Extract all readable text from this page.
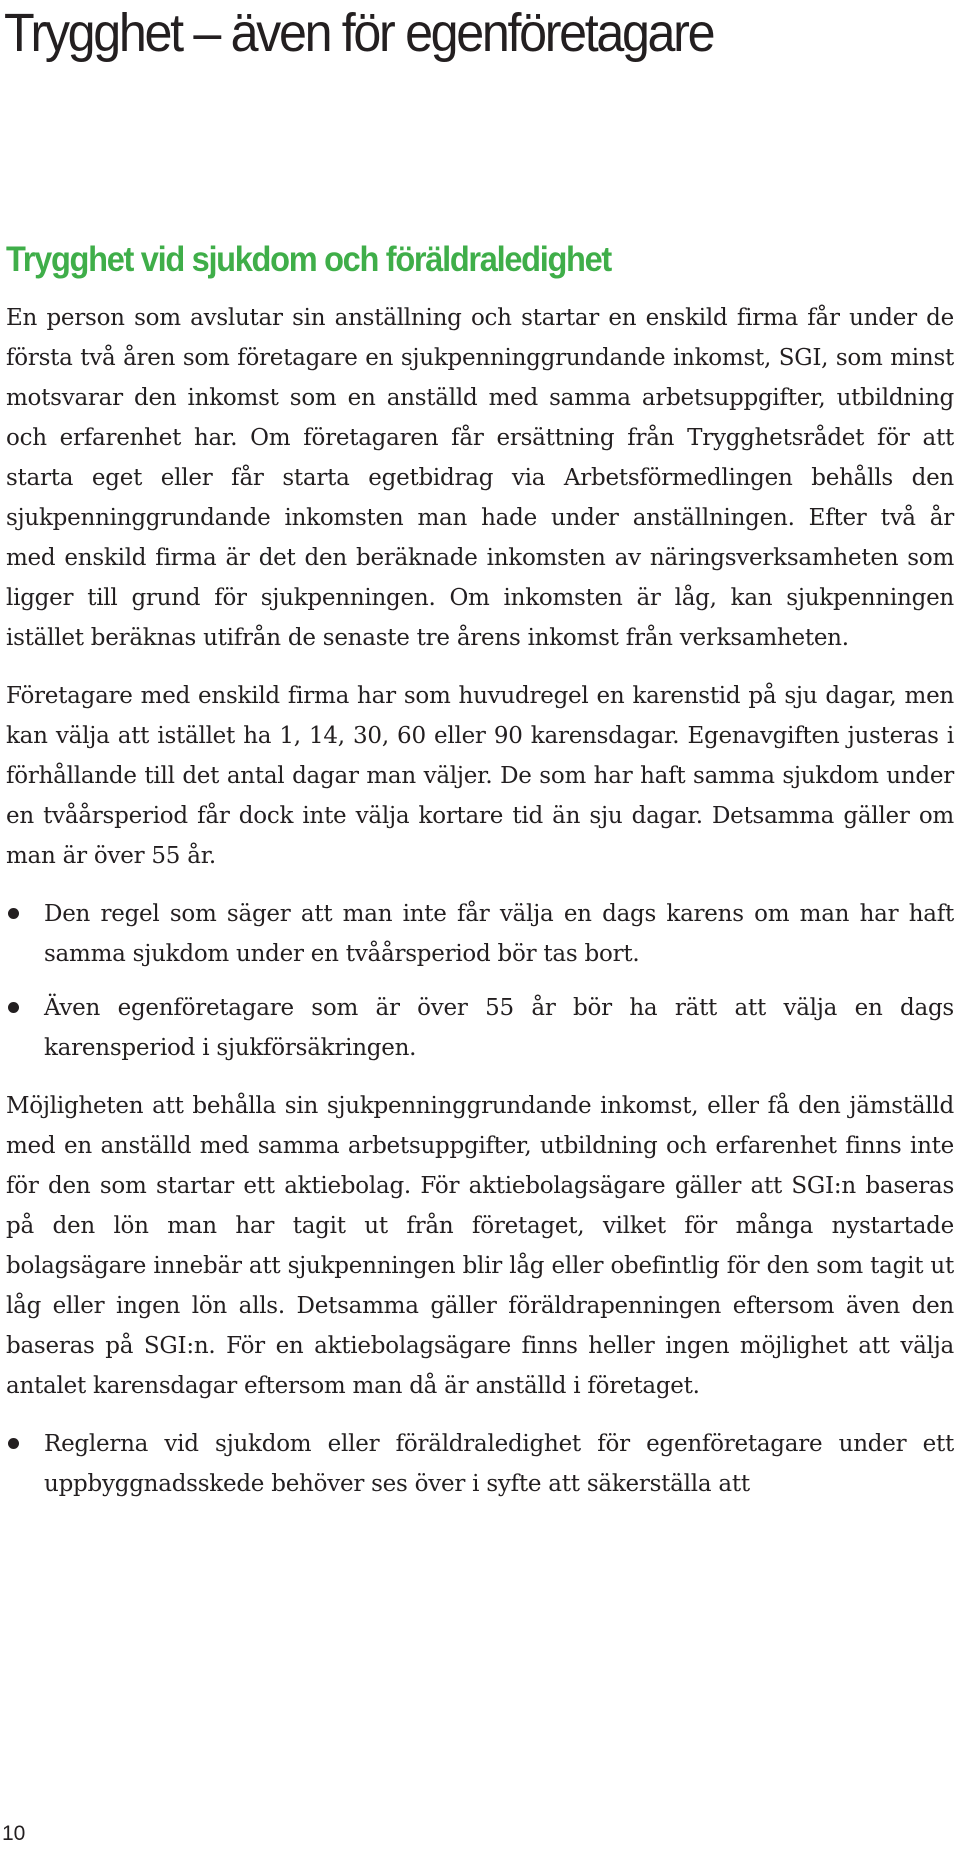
Trygghet – även för egenföretagare
Trygghet vid sjukdom och föräldraledighet

En person som avslutar sin anställning och startar en enskild firma får under de första två åren som företagare en sjukpenninggrundande inkomst, SGI, som minst motsvarar den inkomst som en anställd med samma arbetsuppgifter, utbildning och erfarenhet har. Om företagaren får ersättning från Trygghetsrådet för att starta eget eller får starta egetbidrag via Arbetsförmedlingen behålls den sjukpenninggrundande inkomsten man hade under anställningen. Efter två år med enskild firma är det den beräknade inkomsten av näringsverksamheten som ligger till grund för sjukpenningen. Om inkomsten är låg, kan sjukpenningen istället beräknas utifrån de senaste tre årens inkomst från verksamheten.

Företagare med enskild firma har som huvudregel en karenstid på sju dagar, men kan välja att istället ha 1, 14, 30, 60 eller 90 karensdagar. Egenavgiften justeras i förhållande till det antal dagar man väljer. De som har haft samma sjukdom under en tvåårsperiod får dock inte välja kortare tid än sju dagar. Detsamma gäller om man är över 55 år.

Den regel som säger att man inte får välja en dags karens om man har haft samma sjukdom under en tvåårsperiod bör tas bort.
Även egenföretagare som är över 55 år bör ha rätt att välja en dags karensperiod i sjukförsäkringen.

Möjligheten att behålla sin sjukpenninggrundande inkomst, eller få den jämställd med en anställd med samma arbetsuppgifter, utbildning och erfarenhet finns inte för den som startar ett aktiebolag. För aktiebolagsägare gäller att SGI:n baseras på den lön man har tagit ut från företaget, vilket för många nystartade bolagsägare innebär att sjukpenningen blir låg eller obefintlig för den som tagit ut låg eller ingen lön alls. Detsamma gäller föräldrapenningen eftersom även den baseras på SGI:n. För en aktiebolagsägare finns heller ingen möjlighet att välja antalet karensdagar eftersom man då är anställd i företaget.

Reglerna vid sjukdom eller föräldraledighet för egenföretagare under ett uppbyggnadsskede behöver ses över i syfte att säkerställa att
10
